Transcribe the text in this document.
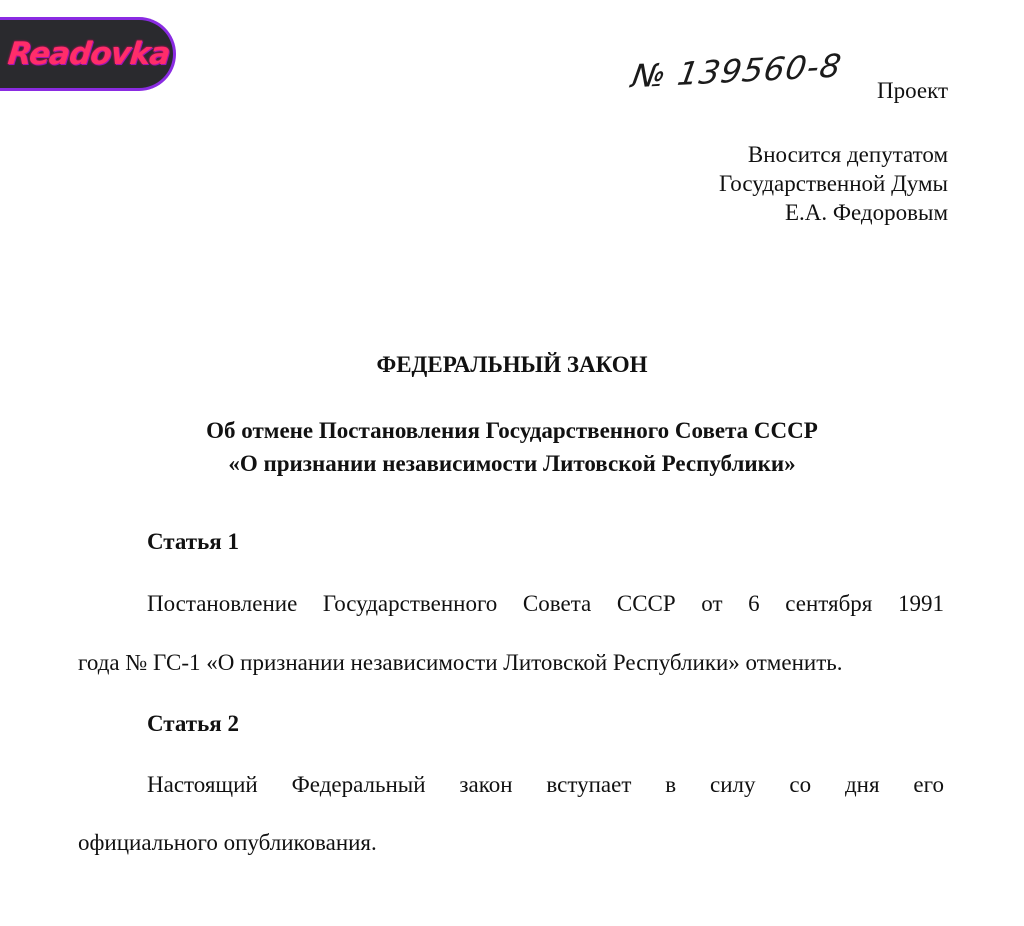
Readovka	№ 139560-8 Проект
Вносится депутатом
Государственной Думы
Е.А. Федоровым
ФЕДЕРАЛЬНЫЙ ЗАКОН
Об отмене Постановления Государственного Совета СССР
«О признании независимости Литовской Республики»
Статья 1
Постановление Государственного Совета СССР от 6 сентября 1991
года № ГС-1 «О признании независимости Литовской Республики» отменить.
Статья 2
Настоящий Федеральный закон вступает в силу со дня его
официального опубликования.
